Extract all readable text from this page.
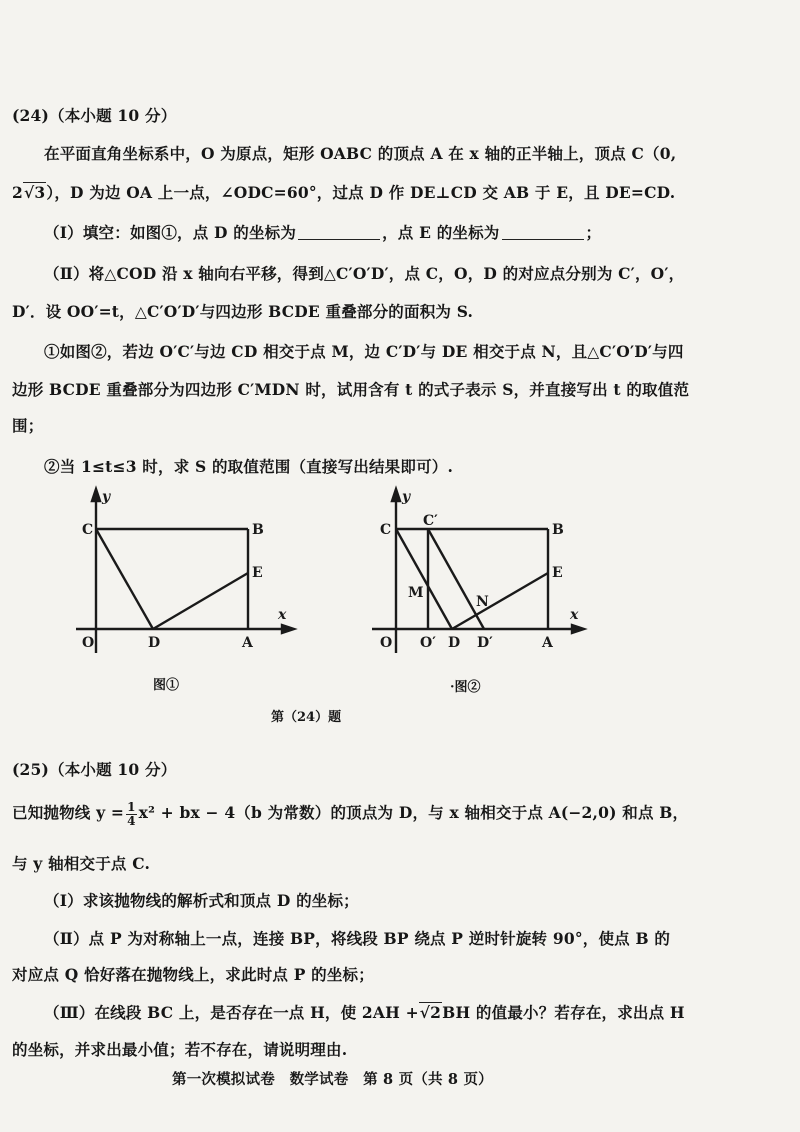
(24)（本小题 10 分）
在平面直角坐标系中，O 为原点，矩形 OABC 的顶点 A 在 x 轴的正半轴上，顶点 C（0,
2√3），D 为边 OA 上一点，∠ODC=60°，过点 D 作 DE⊥CD 交 AB 于 E，且 DE=CD.
（Ⅰ）填空：如图①，点 D 的坐标为	，点 E 的坐标为	；
（Ⅱ）将△COD 沿 x 轴向右平移，得到△C′O′D′，点 C，O，D 的对应点分别为 C′，O′，
D′．设 OO′=t，△C′O′D′与四边形 BCDE 重叠部分的面积为 S.
①如图②，若边 O′C′与边 CD 相交于点 M，边 C′D′与 DE 相交于点 N，且△C′O′D′与四
边形 BCDE 重叠部分为四边形 C′MDN 时，试用含有 t 的式子表示 S，并直接写出 t 的取值范
围；
②当 1≤t≤3 时，求 S 的取值范围（直接写出结果即可）.
y
x
C	B
E
O	D	A
图①
y
x
C
C′
B
E
M
N
O O′ D D′	A
·图②
第（24）题
(25)（本小题 10 分）
已知抛物线 $y = \frac{1}{4} x^2$ + bx − 4（b 为常数）的顶点为 D，与 x 轴相交于点 A(−2,0) 和点 B，
与 y 轴相交于点 C.
（Ⅰ）求该抛物线的解析式和顶点 D 的坐标；
（Ⅱ）点 P 为对称轴上一点，连接 BP，将线段 BP 绕点 P 逆时针旋转 90°，使点 B 的
对应点 Q 恰好落在抛物线上，求此时点 P 的坐标；
（Ⅲ）在线段 BC 上，是否存在一点 H，使 2AH +√2BH 的值最小？若存在，求出点 H
的坐标，并求出最小值；若不存在，请说明理由.
第一次模拟试卷　数学试卷　第 8 页（共 8 页）
